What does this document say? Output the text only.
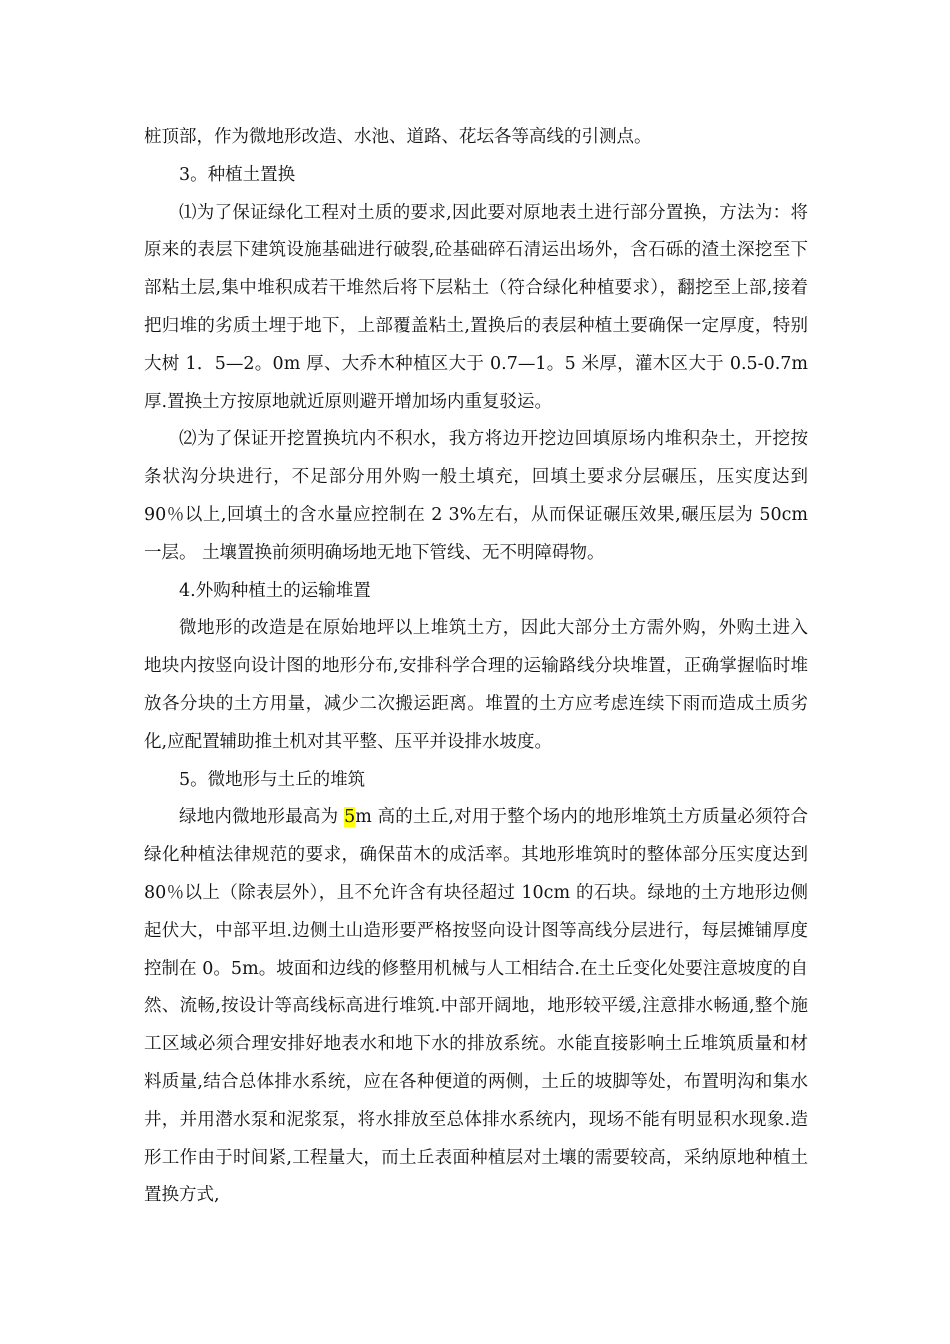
桩顶部，作为微地形改造、水池、道路、花坛各等高线的引测点。

3。种植土置换

⑴为了保证绿化工程对土质的要求,因此要对原地表土进行部分置换，方法为：将原来的表层下建筑设施基础进行破裂,砼基础碎石清运出场外，含石砾的渣土深挖至下部粘土层,集中堆积成若干堆然后将下层粘土（符合绿化种植要求），翻挖至上部,接着把归堆的劣质土埋于地下，上部覆盖粘土,置换后的表层种植土要确保一定厚度，特别大树 1．5—2。0m 厚、大乔木种植区大于 0.7—1。5 米厚，灌木区大于 0.5-0.7m 厚.置换土方按原地就近原则避开增加场内重复驳运。

⑵为了保证开挖置换坑内不积水，我方将边开挖边回填原场内堆积杂土，开挖按条状沟分块进行，不足部分用外购一般土填充，回填土要求分层碾压，压实度达到 90％以上,回填土的含水量应控制在 2 3%左右，从而保证碾压效果,碾压层为 50cm 一层。 土壤置换前须明确场地无地下管线、无不明障碍物。

4.外购种植土的运输堆置

微地形的改造是在原始地坪以上堆筑土方，因此大部分土方需外购，外购土进入地块内按竖向设计图的地形分布,安排科学合理的运输路线分块堆置，正确掌握临时堆放各分块的土方用量，减少二次搬运距离。堆置的土方应考虑连续下雨而造成土质劣化,应配置辅助推土机对其平整、压平并设排水坡度。

5。微地形与土丘的堆筑

绿地内微地形最高为 5m 高的土丘,对用于整个场内的地形堆筑土方质量必须符合绿化种植法律规范的要求，确保苗木的成活率。其地形堆筑时的整体部分压实度达到 80％以上（除表层外），且不允许含有块径超过 10cm 的石块。绿地的土方地形边侧起伏大，中部平坦.边侧土山造形要严格按竖向设计图等高线分层进行，每层摊铺厚度控制在 0。5m。坡面和边线的修整用机械与人工相结合.在土丘变化处要注意坡度的自然、流畅,按设计等高线标高进行堆筑.中部开阔地，地形较平缓,注意排水畅通,整个施工区域必须合理安排好地表水和地下水的排放系统。水能直接影响土丘堆筑质量和材料质量,结合总体排水系统，应在各种便道的两侧，土丘的坡脚等处，布置明沟和集水井，并用潜水泵和泥浆泵，将水排放至总体排水系统内，现场不能有明显积水现象.造形工作由于时间紧,工程量大，而土丘表面种植层对土壤的需要较高，采纳原地种植土置换方式,
